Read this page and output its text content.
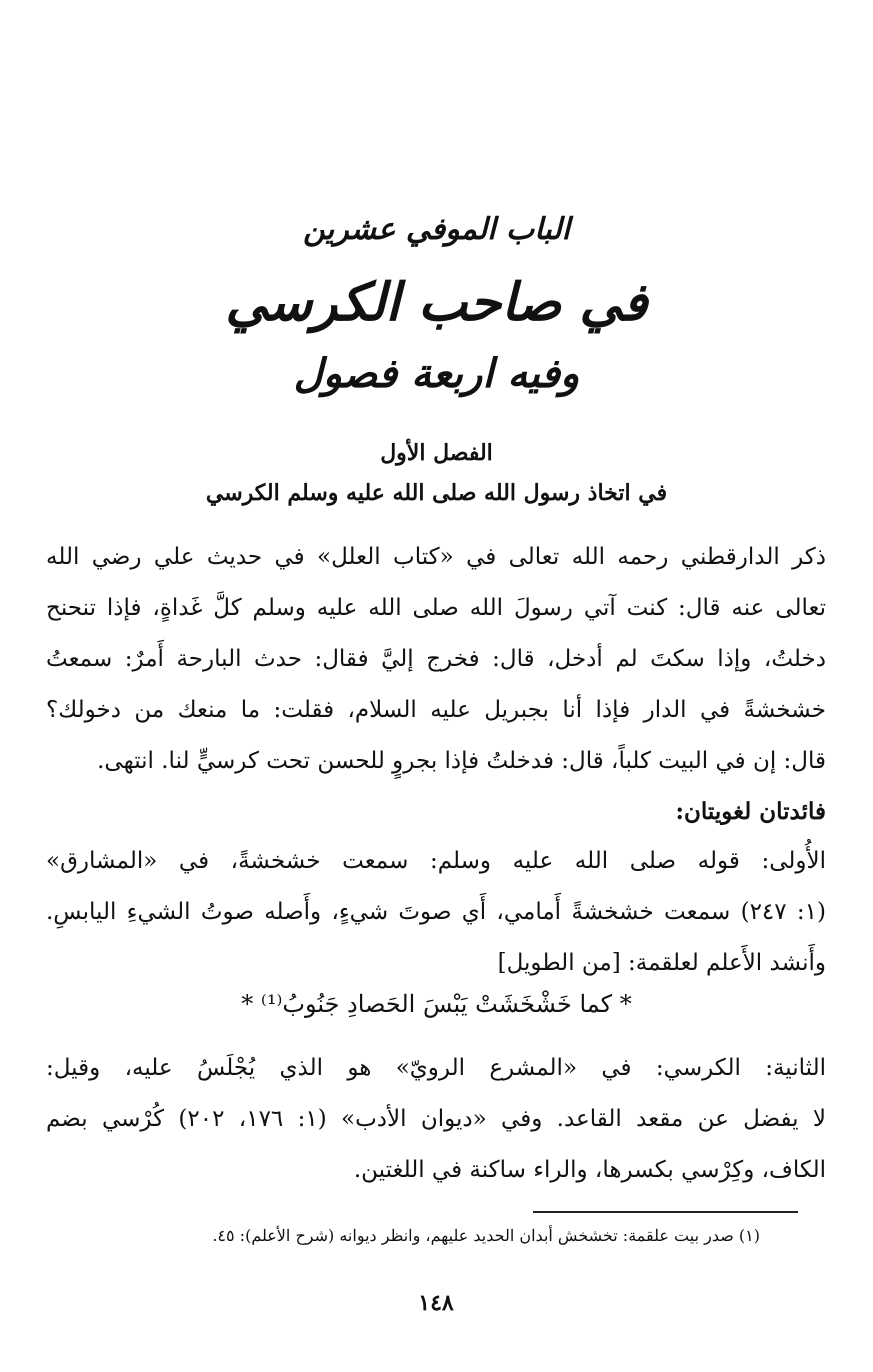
الباب الموفي عشرين
في صاحب الكرسي
وفيه اربعة فصول
الفصل الأول
في اتخاذ رسول الله صلى الله عليه وسلم الكرسي
ذكر الدارقطني رحمه الله تعالى في «كتاب العلل» في حديث علي رضي الله
تعالى عنه قال: كنت آتي رسولَ الله صلى الله عليه وسلم كلَّ غَداةٍ، فإذا تنحنح
دخلتُ، وإذا سكتَ لم أدخل، قال: فخرج إليَّ فقال: حدث البارحة أَمرٌ: سمعتُ
خشخشةً في الدار فإذا أنا بجبريل عليه السلام، فقلت: ما منعك من دخولك؟
قال: إن في البيت كلباً، قال: فدخلتُ فإذا بجروٍ للحسن تحت كرسيٍّ لنا. انتهى.
فائدتان لغويتان:
الأُولى: قوله صلى الله عليه وسلم: سمعت خشخشةً، في «المشارق»
(١: ٢٤٧) سمعت خشخشةً أَمامي، أَي صوتَ شيءٍ، وأَصله صوتُ الشيءِ اليابسِ.
وأَنشد الأَعلم لعلقمة: [من الطويل]
* كما خَشْخَشَتْ يَبْسَ الحَصادِ جَنُوبُ⁽¹⁾ *
الثانية: الكرسي: في «المشرع الرويّ» هو الذي يُجْلَسُ عليه، وقيل:
لا يفضل عن مقعد القاعد. وفي «ديوان الأدب» (١: ١٧٦، ٢٠٢) كُرْسي بضم
الكاف، وكِرْسي بكسرها، والراء ساكنة في اللغتين.
(١) صدر بيت علقمة: تخشخش أبدان الحديد عليهم، وانظر ديوانه (شرح الأعلم): ٤٥.
١٤٨
